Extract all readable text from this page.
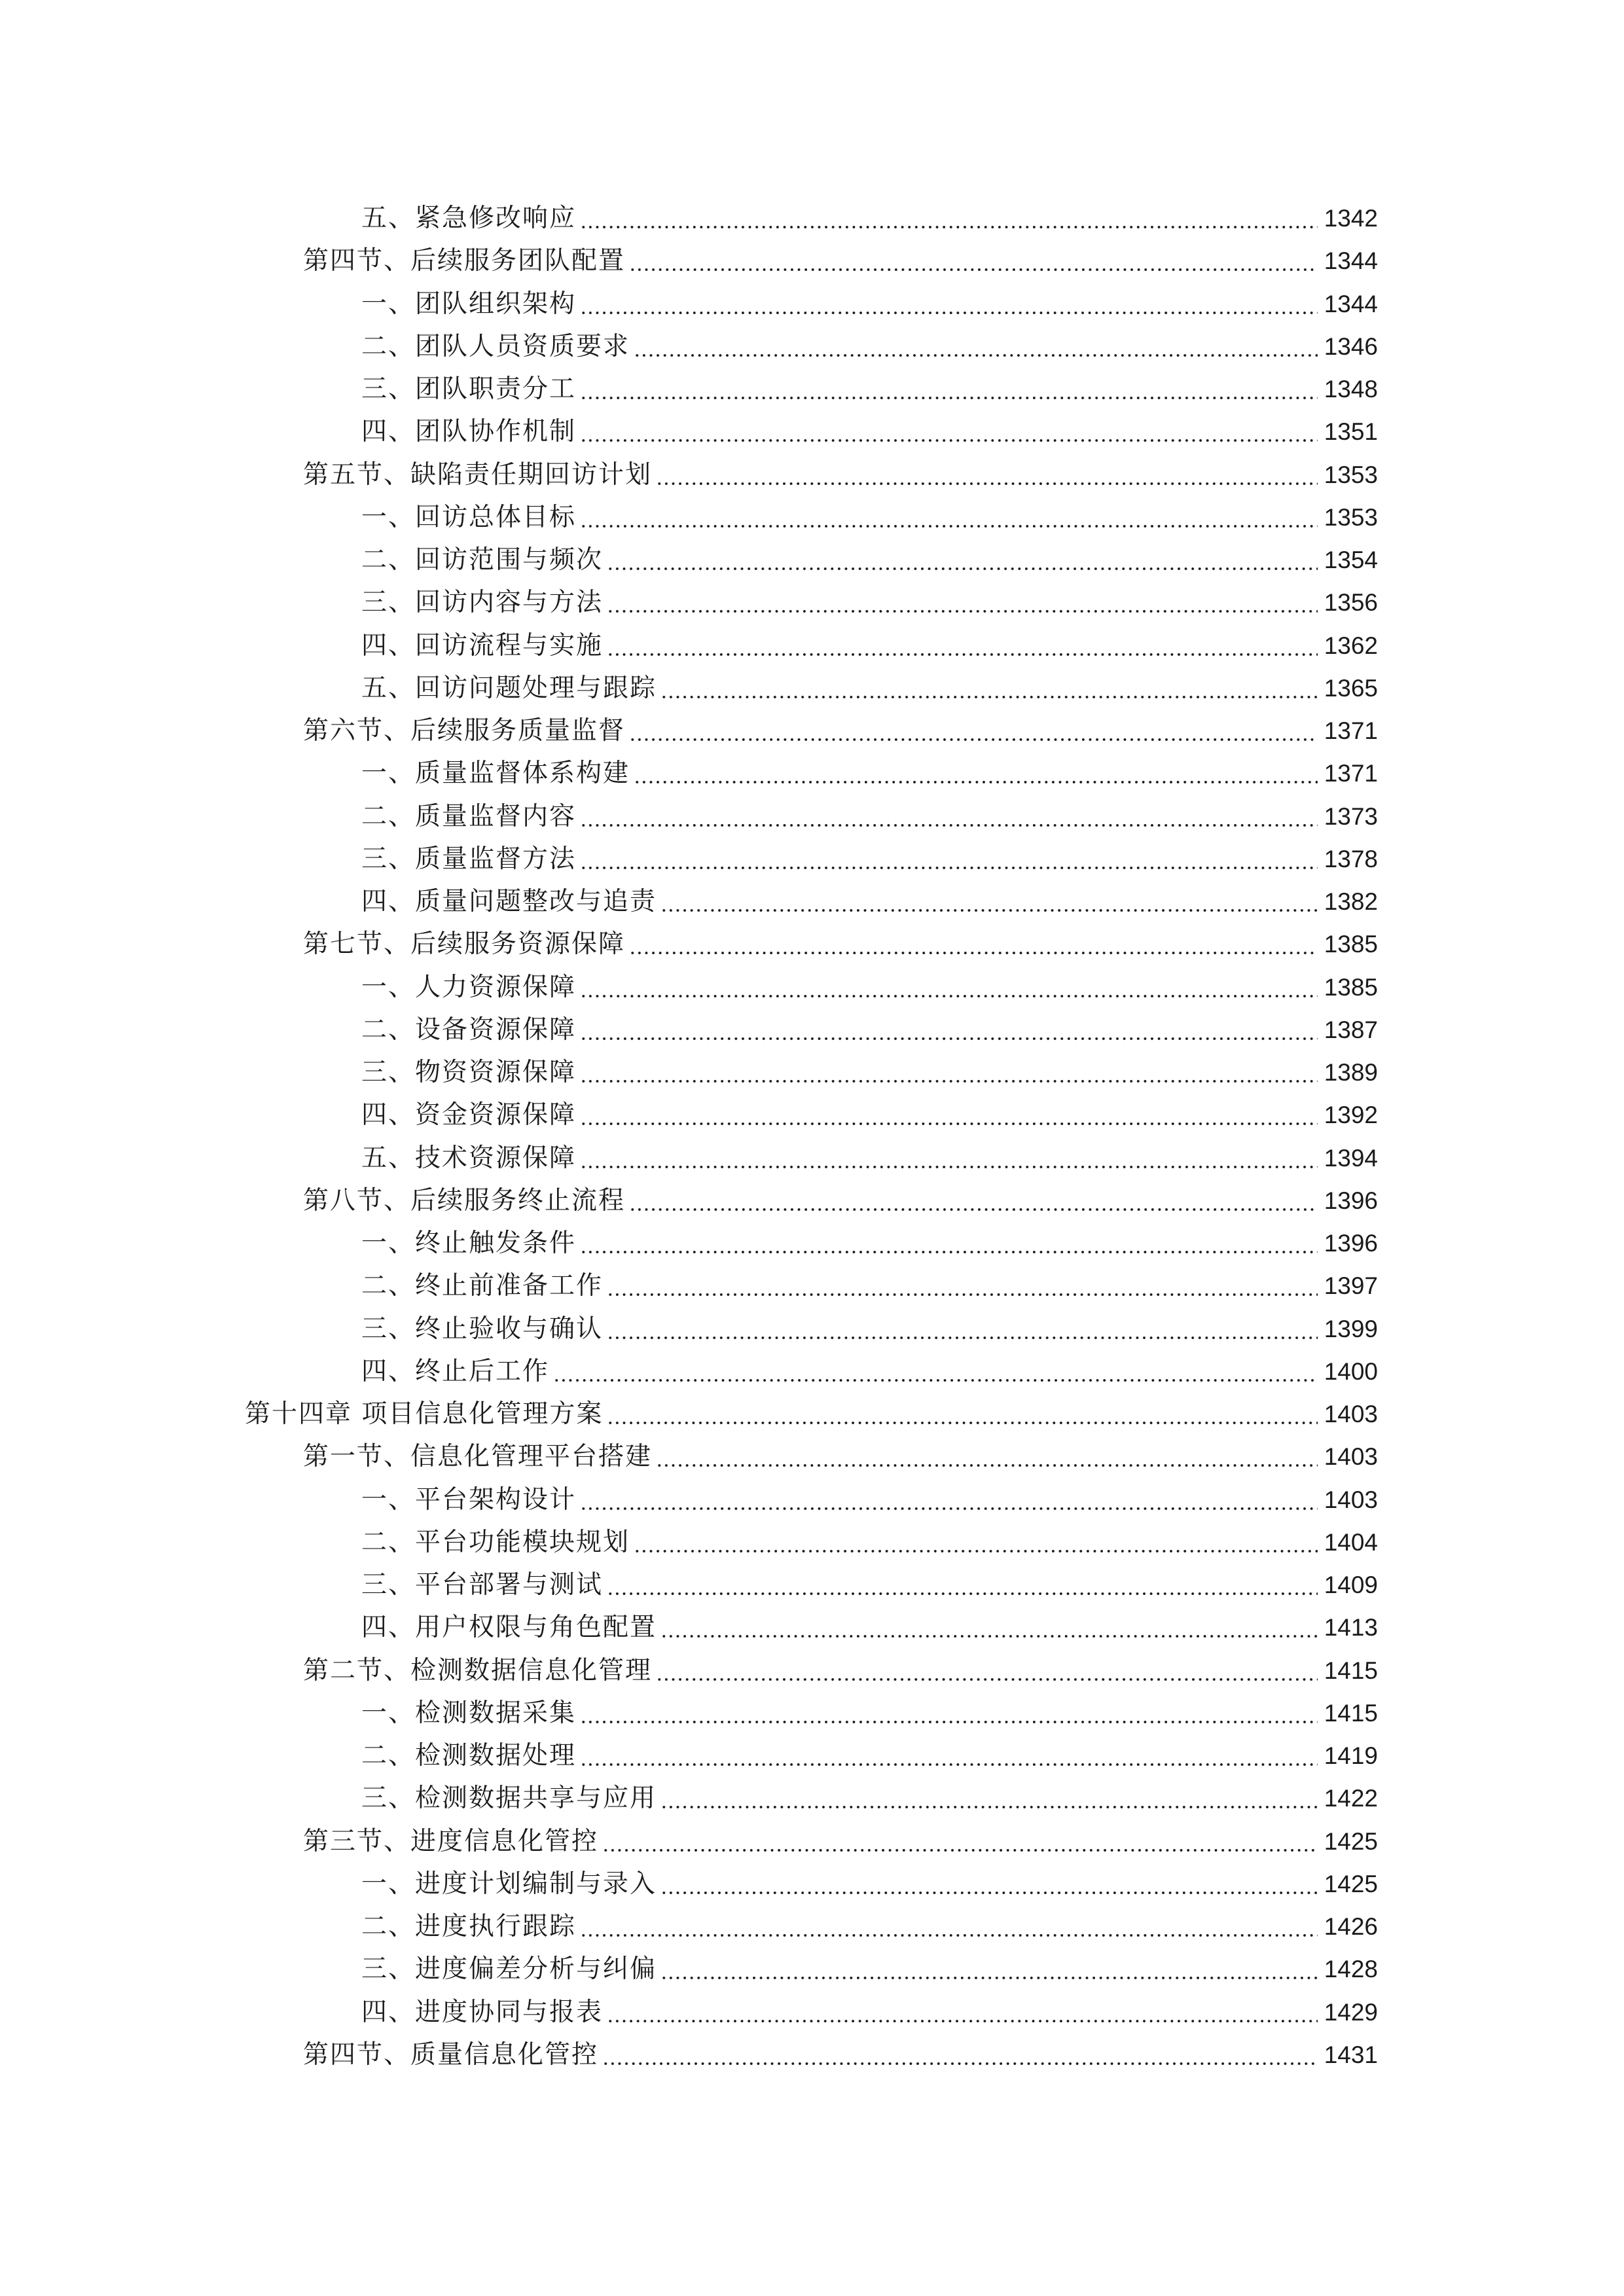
五、紧急修改响应	1342
第四节、后续服务团队配置	1344
一、团队组织架构	1344
二、团队人员资质要求	1346
三、团队职责分工	1348
四、团队协作机制	1351
第五节、缺陷责任期回访计划	1353
一、回访总体目标	1353
二、回访范围与频次	1354
三、回访内容与方法	1356
四、回访流程与实施	1362
五、回访问题处理与跟踪	1365
第六节、后续服务质量监督	1371
一、质量监督体系构建	1371
二、质量监督内容	1373
三、质量监督方法	1378
四、质量问题整改与追责	1382
第七节、后续服务资源保障	1385
一、人力资源保障	1385
二、设备资源保障	1387
三、物资资源保障	1389
四、资金资源保障	1392
五、技术资源保障	1394
第八节、后续服务终止流程	1396
一、终止触发条件	1396
二、终止前准备工作	1397
三、终止验收与确认	1399
四、终止后工作	1400
第十四章 项目信息化管理方案	1403
第一节、信息化管理平台搭建	1403
一、平台架构设计	1403
二、平台功能模块规划	1404
三、平台部署与测试	1409
四、用户权限与角色配置	1413
第二节、检测数据信息化管理	1415
一、检测数据采集	1415
二、检测数据处理	1419
三、检测数据共享与应用	1422
第三节、进度信息化管控	1425
一、进度计划编制与录入	1425
二、进度执行跟踪	1426
三、进度偏差分析与纠偏	1428
四、进度协同与报表	1429
第四节、质量信息化管控	1431
